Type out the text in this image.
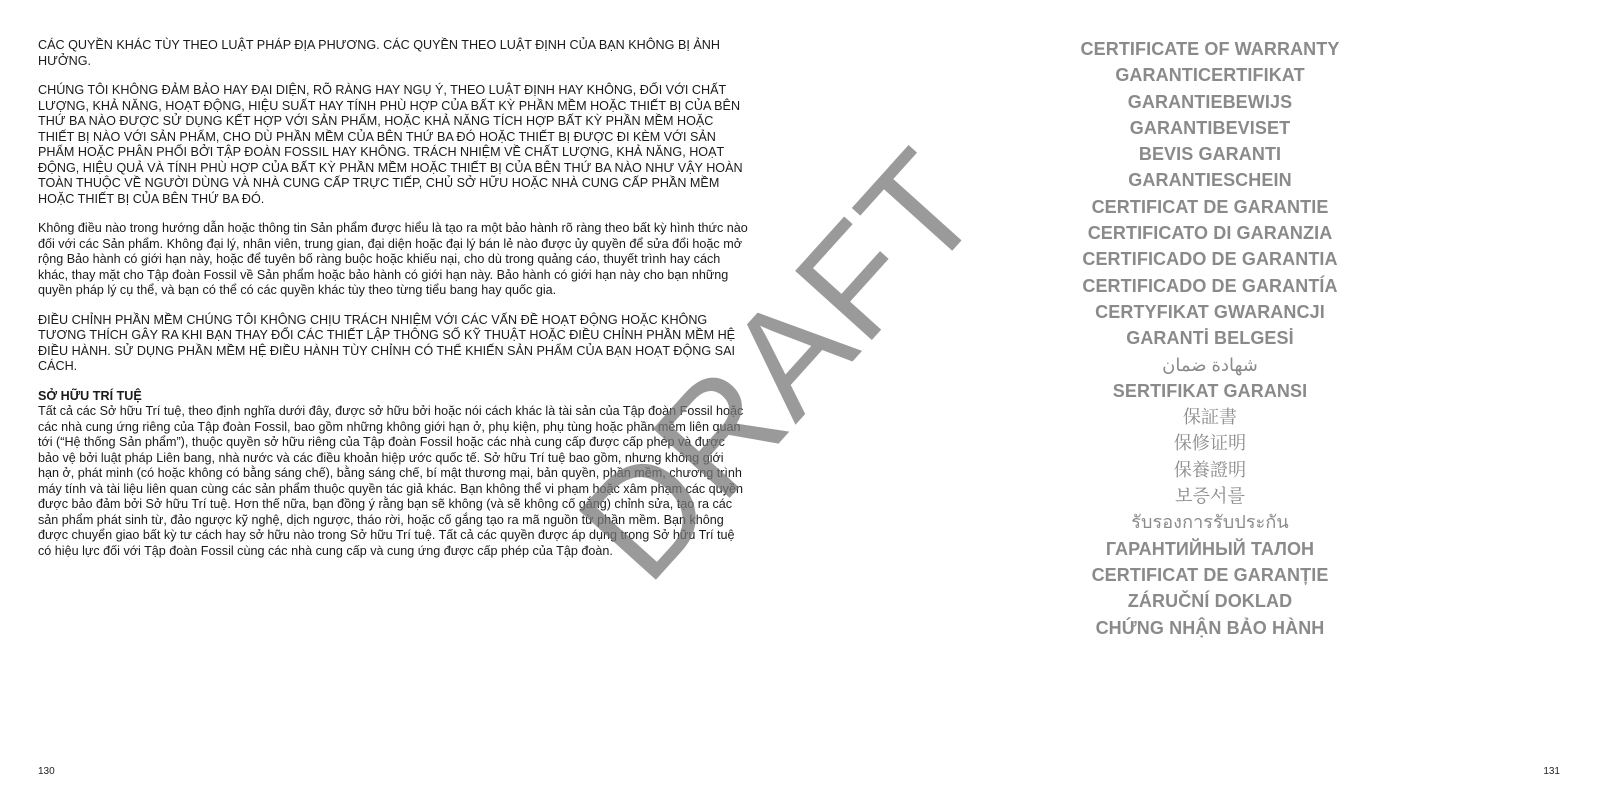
CÁC QUYỀN KHÁC TÙY THEO LUẬT PHÁP ĐỊA PHƯƠNG. CÁC QUYỀN THEO LUẬT ĐỊNH CỦA BẠN KHÔNG BỊ ẢNH HƯỞNG.

CHÚNG TÔI KHÔNG ĐẢM BẢO HAY ĐẠI DIỆN, RÕ RÀNG HAY NGỤ Ý, THEO LUẬT ĐỊNH HAY KHÔNG, ĐỐI VỚI CHẤT LƯỢNG, KHẢ NĂNG, HOẠT ĐỘNG, HIỆU SUẤT HAY TÍNH PHÙ HỢP CỦA BẤT KỲ PHẦN MỀM HOẶC THIẾT BỊ CỦA BÊN THỨ BA NÀO ĐƯỢC SỬ DỤNG KẾT HỢP VỚI SẢN PHẨM, HOẶC KHẢ NĂNG TÍCH HỢP BẤT KỲ PHẦN MỀM HOẶC THIẾT BỊ NÀO VỚI SẢN PHẨM, CHO DÙ PHẦN MỀM CỦA BÊN THỨ BA ĐÓ HOẶC THIẾT BỊ ĐƯỢC ĐI KÈM VỚI SẢN PHẨM HOẶC PHÂN PHỐI BỞI TẬP ĐOÀN FOSSIL HAY KHÔNG. TRÁCH NHIỆM VỀ CHẤT LƯỢNG, KHẢ NĂNG, HOẠT ĐỘNG, HIỆU QUẢ VÀ TÍNH PHÙ HỢP CỦA BẤT KỲ PHẦN MỀM HOẶC THIẾT BỊ CỦA BÊN THỨ BA NÀO NHƯ VẬY HOÀN TOÀN THUỘC VỀ NGƯỜI DÙNG VÀ NHÀ CUNG CẤP TRỰC TIẾP, CHỦ SỞ HỮU HOẶC NHÀ CUNG CẤP PHẦN MỀM HOẶC THIẾT BỊ CỦA BÊN THỨ BA ĐÓ.

Không điều nào trong hướng dẫn hoặc thông tin Sản phẩm được hiểu là tạo ra một bảo hành rõ ràng theo bất kỳ hình thức nào đối với các Sản phẩm. Không đại lý, nhân viên, trung gian, đại diện hoặc đại lý bán lẻ nào được ủy quyền để sửa đổi hoặc mở rộng Bảo hành có giới hạn này, hoặc để tuyên bố ràng buộc hoặc khiếu nại, cho dù trong quảng cáo, thuyết trình hay cách khác, thay mặt cho Tập đoàn Fossil về Sản phẩm hoặc bảo hành có giới hạn này. Bảo hành có giới hạn này cho bạn những quyền pháp lý cụ thể, và bạn có thể có các quyền khác tùy theo từng tiểu bang hay quốc gia.

ĐIỀU CHỈNH PHẦN MỀM CHÚNG TÔI KHÔNG CHỊU TRÁCH NHIỆM VỚI CÁC VẤN ĐỀ HOẠT ĐỘNG HOẶC KHÔNG TƯƠNG THÍCH GÂY RA KHI BẠN THAY ĐỔI CÁC THIẾT LẬP THÔNG SỐ KỸ THUẬT HOẶC ĐIỀU CHỈNH PHẦN MỀM HỆ ĐIỀU HÀNH. SỬ DỤNG PHẦN MỀM HỆ ĐIỀU HÀNH TÙY CHỈNH CÓ THỂ KHIẾN SẢN PHẨM CỦA BẠN HOẠT ĐỘNG SAI CÁCH.

SỞ HỮU TRÍ TUỆ

Tất cả các Sở hữu Trí tuệ, theo định nghĩa dưới đây, được sở hữu bởi hoặc nói cách khác là tài sản của Tập đoàn Fossil hoặc các nhà cung ứng riêng của Tập đoàn Fossil, bao gồm những không giới hạn ở, phụ kiện, phụ tùng hoặc phần mềm liên quan tới (“Hệ thống Sản phẩm”), thuộc quyền sở hữu riêng của Tập đoàn Fossil hoặc các nhà cung cấp được cấp phép và được bảo vệ bởi luật pháp Liên bang, nhà nước và các điều khoản hiệp ước quốc tế. Sở hữu Trí tuệ bao gồm, nhưng không giới hạn ở, phát minh (có hoặc không có bằng sáng chế), bằng sáng chế, bí mật thương mại, bản quyền, phần mềm, chương trình máy tính và tài liệu liên quan cùng các sản phẩm thuộc quyền tác giả khác. Bạn không thể vi phạm hoặc xâm phạm các quyền được bảo đảm bởi Sở hữu Trí tuệ. Hơn thế nữa, bạn đồng ý rằng bạn sẽ không (và sẽ không cố gắng) chỉnh sửa, tạo ra các sản phẩm phát sinh từ, đảo ngược kỹ nghệ, dịch ngược, tháo rời, hoặc cố gắng tạo ra mã nguồn từ phần mềm. Bạn không được chuyển giao bất kỳ tư cách hay sở hữu nào trong Sở hữu Trí tuệ. Tất cả các quyền được áp dụng trong Sở hữu Trí tuệ có hiệu lực đối với Tập đoàn Fossil cùng các nhà cung cấp và cung ứng được cấp phép của Tập đoàn.

130	131
CERTIFICATE OF WARRANTY
GARANTICERTIFIKAT
GARANTIEBEWIJS
GARANTIBEVISET
BEVIS GARANTI
GARANTIESCHEIN
CERTIFICAT DE GARANTIE
CERTIFICATO DI GARANZIA
CERTIFICADO DE GARANTIA
CERTIFICADO DE GARANTÍA
CERTYFIKAT GWARANCJI
GARANTİ BELGESİ
شهادة ضمان
SERTIFIKAT GARANSI
保証書
保修证明
保養證明
보증서를
รับรองการรับประกัน
ГАРАНТИЙНЫЙ ТАЛОН
CERTIFICAT DE GARANȚIE
ZÁRUČNÍ DOKLAD
CHỨNG NHẬN BẢO HÀNH
DRAFT
